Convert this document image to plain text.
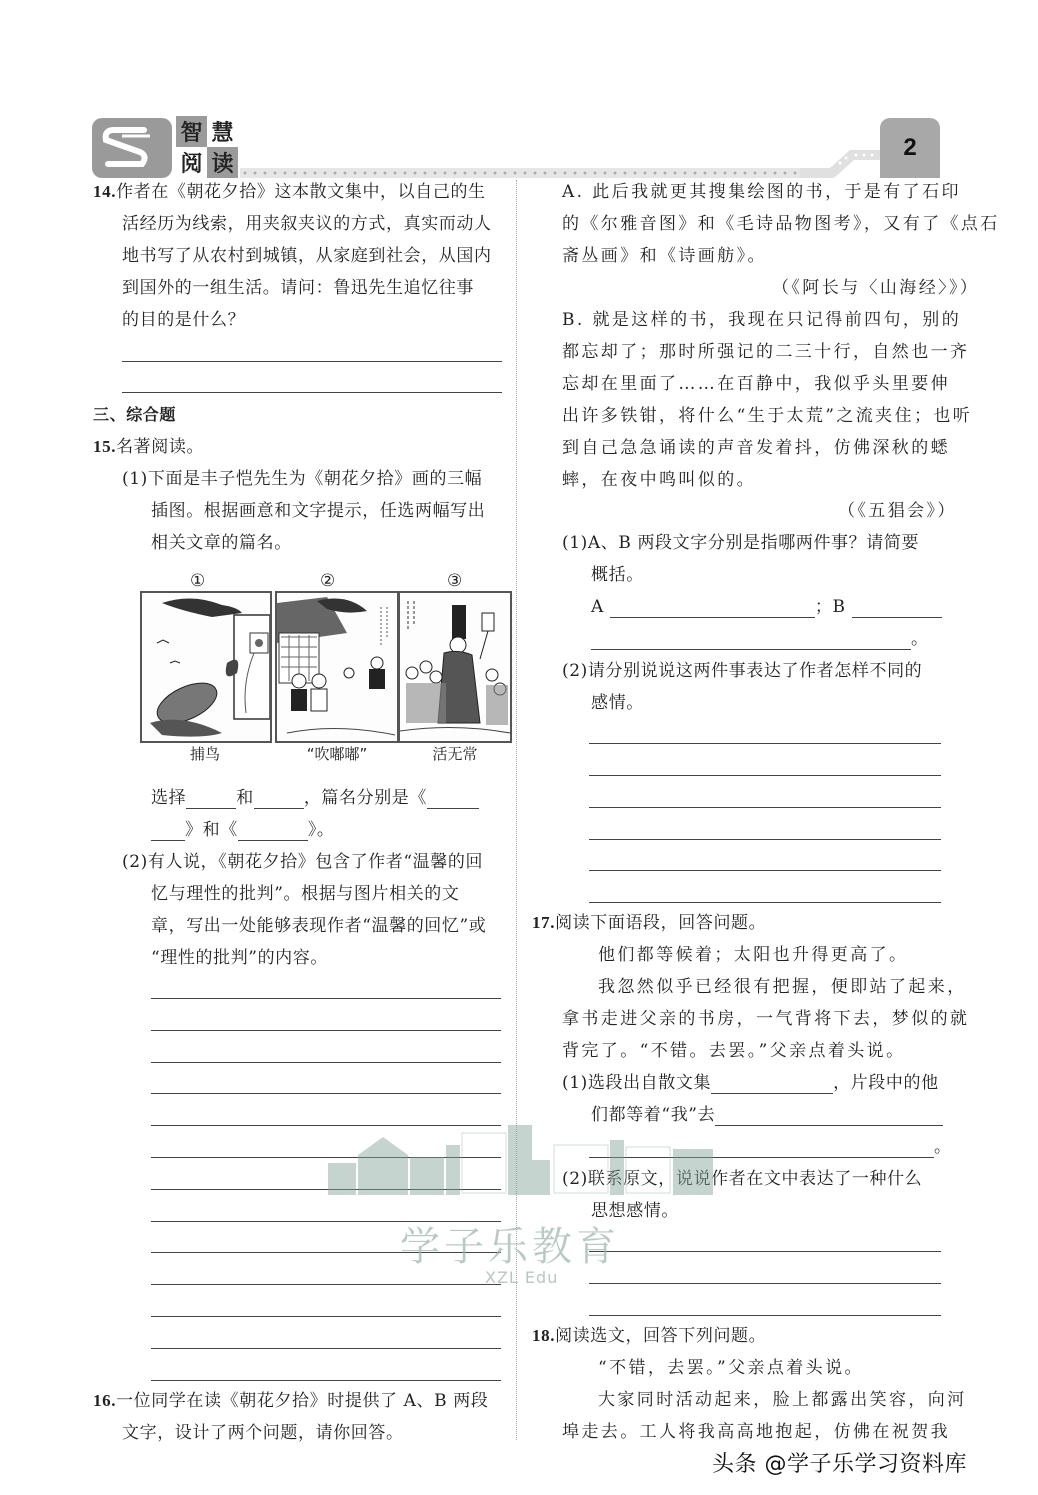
智 慧
阅 读
2
14.作者在《朝花夕拾》这本散文集中，以自己的生
活经历为线索，用夹叙夹议的方式，真实而动人
地书写了从农村到城镇，从家庭到社会，从国内
到国外的一组生活。请问：鲁迅先生追忆往事
的目的是什么？
三、综合题
15.名著阅读。
(1)下面是丰子恺先生为《朝花夕拾》画的三幅
插图。根据画意和文字提示，任选两幅写出
相关文章的篇名。
①	②	③
捕鸟	“吹嘟嘟”	活无常
选择	和	，篇名分别是《
》和《	》。
(2)有人说，《朝花夕拾》包含了作者“温馨的回
忆与理性的批判”。根据与图片相关的文
章，写出一处能够表现作者“温馨的回忆”或
“理性的批判”的内容。
16.一位同学在读《朝花夕拾》时提供了 A、B 两段
文字，设计了两个问题，请你回答。
A. 此后我就更其搜集绘图的书，于是有了石印
的《尔雅音图》和《毛诗品物图考》，又有了《点石
斋丛画》和《诗画舫》。
（《阿长与〈山海经〉》）
B. 就是这样的书，我现在只记得前四句，别的
都忘却了；那时所强记的二三十行，自然也一齐
忘却在里面了……在百静中，我似乎头里要伸
出许多铁钳，将什么“生于太荒”之流夹住；也听
到自己急急诵读的声音发着抖，仿佛深秋的蟋
蟀，在夜中鸣叫似的。
（《五猖会》）
(1)A、B 两段文字分别是指哪两件事？请简要
概括。
A	；B
。
(2)请分别说说这两件事表达了作者怎样不同的
感情。
17.阅读下面语段，回答问题。
他们都等候着；太阳也升得更高了。
我忽然似乎已经很有把握，便即站了起来，
拿书走进父亲的书房，一气背将下去，梦似的就
背完了。“不错。去罢。”父亲点着头说。
(1)选段出自散文集	，片段中的他
们都等着“我”去
。
(2)联系原文，说说作者在文中表达了一种什么
思想感情。
18.阅读选文，回答下列问题。
“不错，去罢。”父亲点着头说。
大家同时活动起来，脸上都露出笑容，向河
埠走去。工人将我高高地抱起，仿佛在祝贺我
学子乐教育
XZL Edu
头条 @学子乐学习资料库
